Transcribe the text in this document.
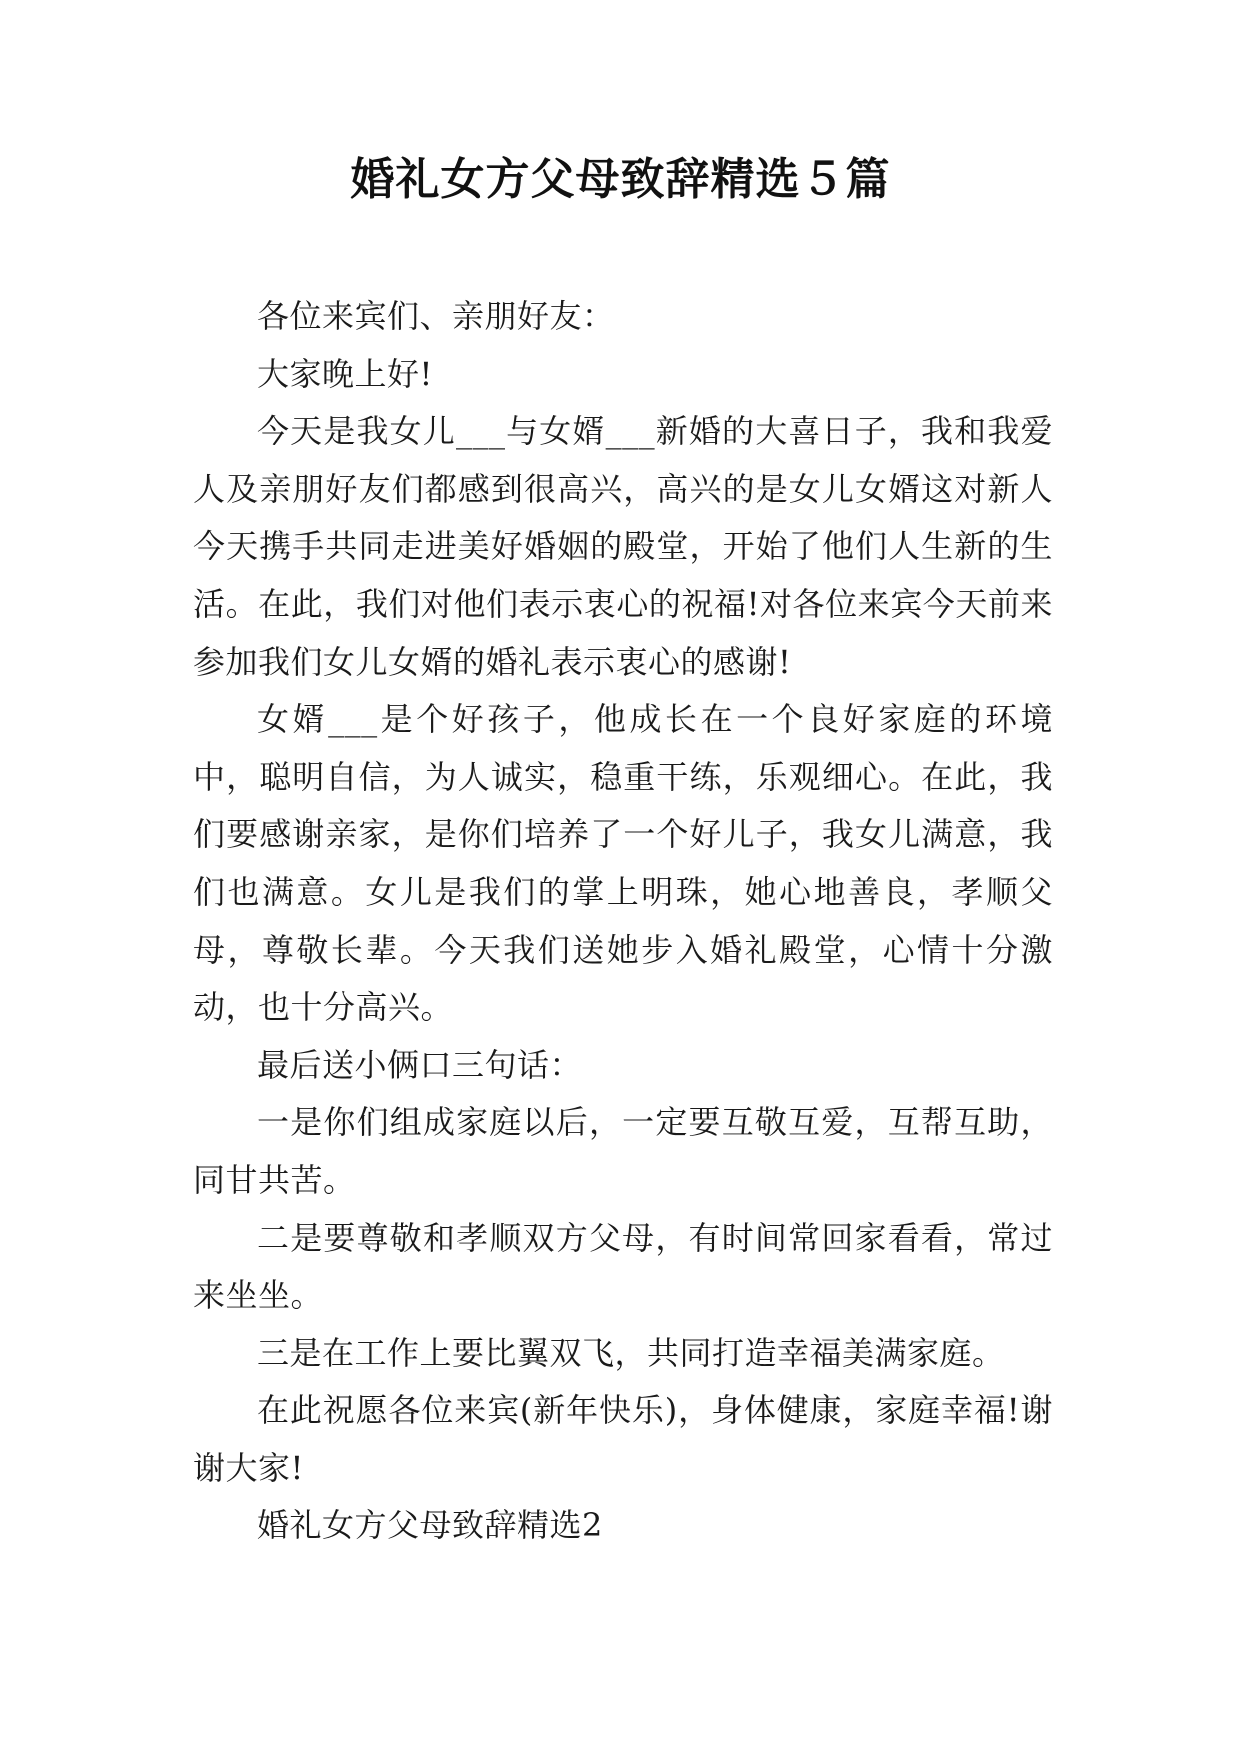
婚礼女方父母致辞精选５篇

各位来宾们、亲朋好友：

大家晚上好!

今天是我女儿___与女婿___新婚的大喜日子，我和我爱人及亲朋好友们都感到很高兴，高兴的是女儿女婿这对新人今天携手共同走进美好婚姻的殿堂，开始了他们人生新的生活。在此，我们对他们表示衷心的祝福!对各位来宾今天前来参加我们女儿女婿的婚礼表示衷心的感谢!

女婿___是个好孩子，他成长在一个良好家庭的环境中，聪明自信，为人诚实，稳重干练，乐观细心。在此，我们要感谢亲家，是你们培养了一个好儿子，我女儿满意，我们也满意。女儿是我们的掌上明珠，她心地善良，孝顺父母，尊敬长辈。今天我们送她步入婚礼殿堂，心情十分激动，也十分高兴。

最后送小俩口三句话：

一是你们组成家庭以后，一定要互敬互爱，互帮互助，同甘共苦。

二是要尊敬和孝顺双方父母，有时间常回家看看，常过来坐坐。

三是在工作上要比翼双飞，共同打造幸福美满家庭。

在此祝愿各位来宾(新年快乐)，身体健康，家庭幸福!谢谢大家!

婚礼女方父母致辞精选2
